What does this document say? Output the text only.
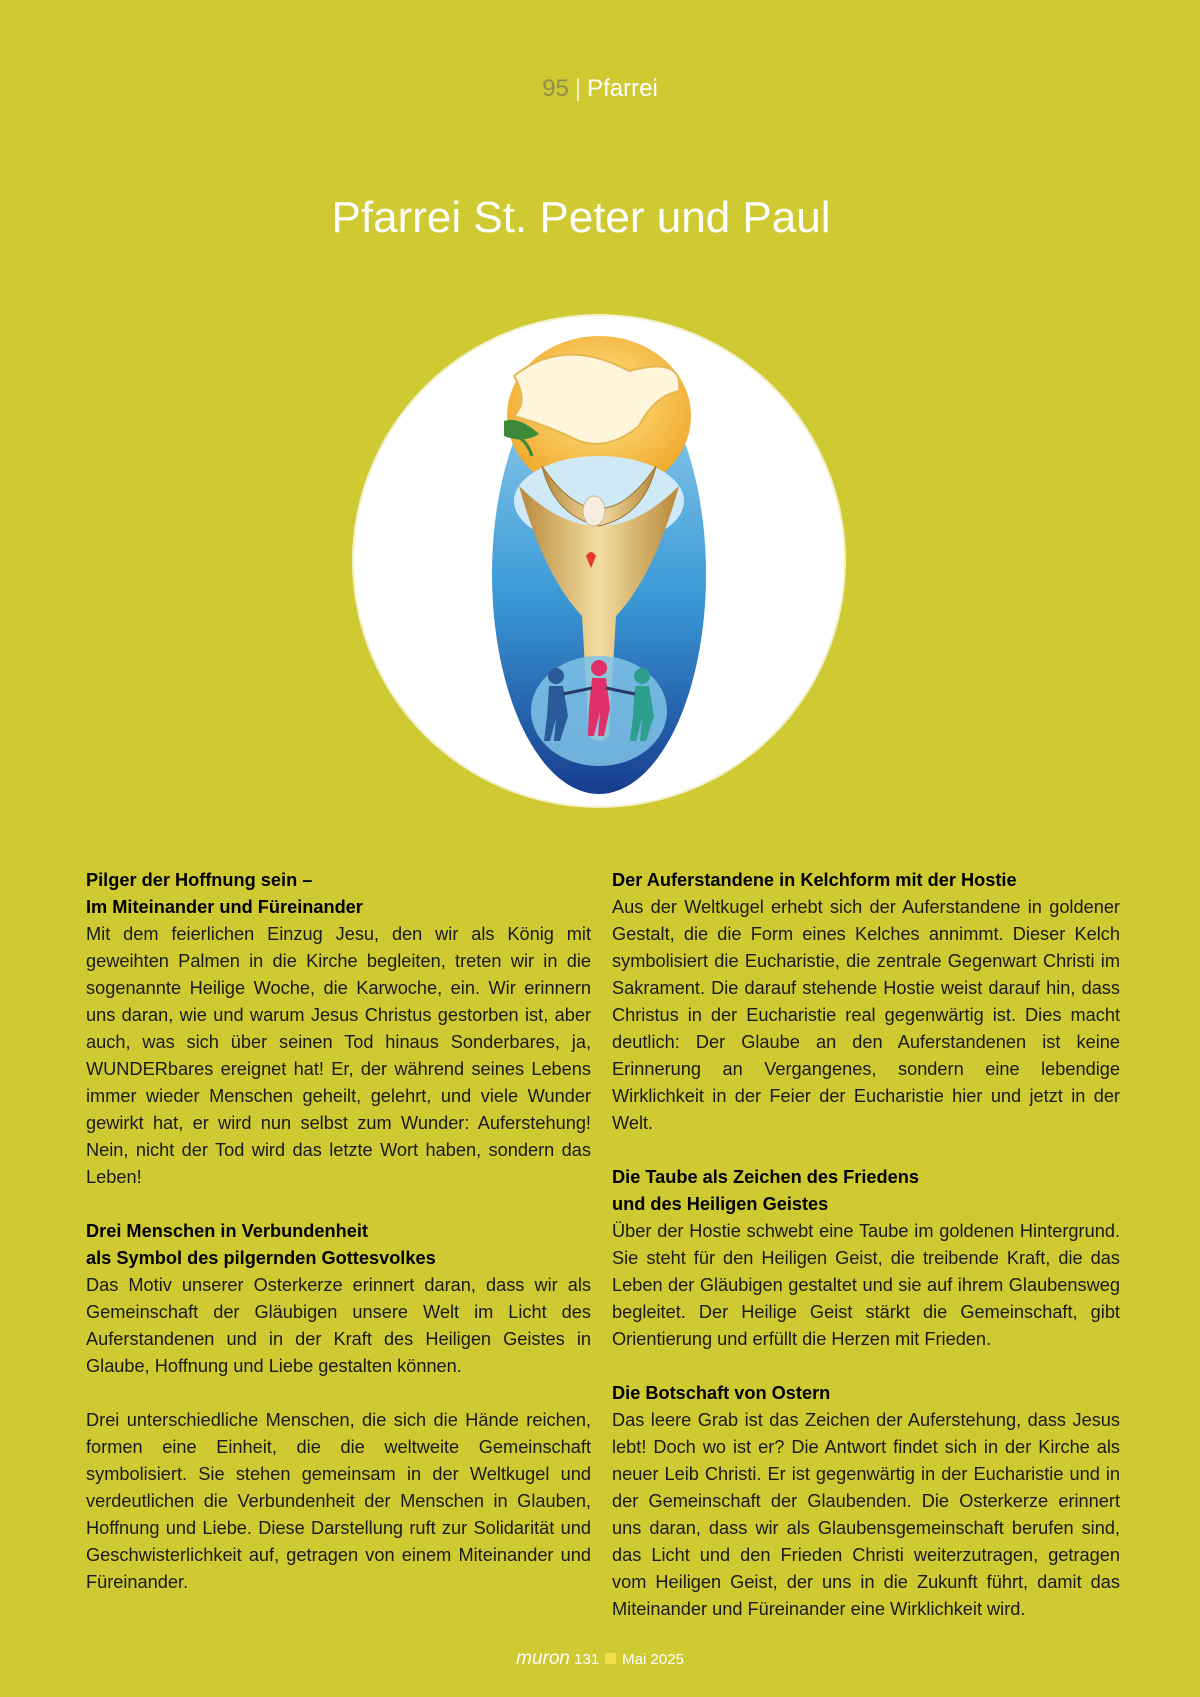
95 | Pfarrei
Pfarrei St. Peter und Paul
Pilger der Hoffnung sein –
Im Miteinander und Füreinander

Mit dem feierlichen Einzug Jesu, den wir als König mit geweihten Palmen in die Kirche begleiten, treten wir in die sogenannte Heilige Woche, die Karwoche, ein. Wir erinnern uns daran, wie und warum Jesus Christus gestorben ist, aber auch, was sich über seinen Tod hinaus Sonderbares, ja, WUNDERbares ereignet hat! Er, der während seines Lebens immer wieder Menschen geheilt, gelehrt, und viele Wunder gewirkt hat, er wird nun selbst zum Wunder: Auferstehung! Nein, nicht der Tod wird das letzte Wort haben, sondern das Leben!

Drei Menschen in Verbundenheit
als Symbol des pilgernden Gottesvolkes

Das Motiv unserer Osterkerze erinnert daran, dass wir als Gemeinschaft der Gläubigen unsere Welt im Licht des Auferstandenen und in der Kraft des Heiligen Geistes in Glaube, Hoffnung und Liebe gestalten können.

Drei unterschiedliche Menschen, die sich die Hände reichen, formen eine Einheit, die die weltweite Gemeinschaft symbolisiert. Sie stehen gemeinsam in der Weltkugel und verdeutlichen die Verbundenheit der Menschen in Glauben, Hoffnung und Liebe. Diese Darstellung ruft zur Solidarität und Geschwisterlichkeit auf, getragen von einem Miteinander und Füreinander.

Der Auferstandene in Kelchform mit der Hostie

Aus der Weltkugel erhebt sich der Auferstandene in goldener Gestalt, die die Form eines Kelches annimmt. Dieser Kelch symbolisiert die Eucharistie, die zentrale Gegenwart Christi im Sakrament. Die darauf stehende Hostie weist darauf hin, dass Christus in der Eucharistie real gegenwärtig ist. Dies macht deutlich: Der Glaube an den Auferstandenen ist keine Erinnerung an Vergangenes, sondern eine lebendige Wirklichkeit in der Feier der Eucharistie hier und jetzt in der Welt.

Die Taube als Zeichen des Friedens
und des Heiligen Geistes

Über der Hostie schwebt eine Taube im goldenen Hintergrund. Sie steht für den Heiligen Geist, die treibende Kraft, die das Leben der Gläubigen gestaltet und sie auf ihrem Glaubensweg begleitet. Der Heilige Geist stärkt die Gemeinschaft, gibt Orientierung und erfüllt die Herzen mit Frieden.

Die Botschaft von Ostern

Das leere Grab ist das Zeichen der Auferstehung, dass Jesus lebt! Doch wo ist er? Die Antwort findet sich in der Kirche als neuer Leib Christi. Er ist gegenwärtig in der Eucharistie und in der Gemeinschaft der Glaubenden. Die Osterkerze erinnert uns daran, dass wir als Glaubensgemeinschaft berufen sind, das Licht und den Frieden Christi weiterzutragen, getragen vom Heiligen Geist, der uns in die Zukunft führt, damit das Miteinander und Füreinander eine Wirklichkeit wird.

muron 131 Mai 2025
